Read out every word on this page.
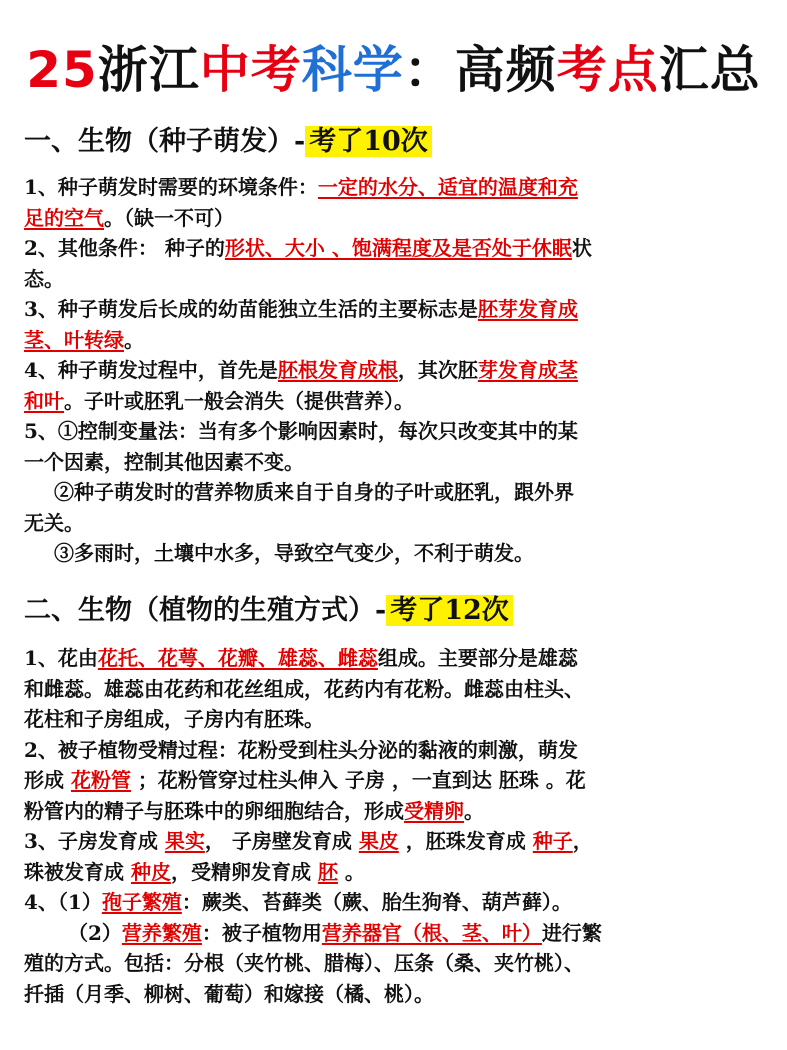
25浙江中考科学：高频考点汇总
一、生物（种子萌发）- 考了10次
1、种子萌发时需要的环境条件：一定的水分、适宜的温度和充
足的空气。（缺一不可）
2、其他条件： 种子的形状、大小 、饱满程度及是否处于休眠状
态。
3、种子萌发后长成的幼苗能独立生活的主要标志是胚芽发育成
茎、叶转绿。
4、种子萌发过程中，首先是胚根发育成根，其次胚芽发育成茎
和叶。子叶或胚乳一般会消失（提供营养）。
5、①控制变量法：当有多个影响因素时，每次只改变其中的某
一个因素，控制其他因素不变。
②种子萌发时的营养物质来自于自身的子叶或胚乳，跟外界
无关。
③多雨时，土壤中水多，导致空气变少，不利于萌发。
二、生物（植物的生殖方式）- 考了12次
1、花由花托、花萼、花瓣、雄蕊、雌蕊组成。主要部分是雄蕊
和雌蕊。雄蕊由花药和花丝组成，花药内有花粉。雌蕊由柱头、
花柱和子房组成，子房内有胚珠。
2、被子植物受精过程：花粉受到柱头分泌的黏液的刺激，萌发
形成 花粉管 ；花粉管穿过柱头伸入 子房 ，一直到达 胚珠 。花
粉管内的精子与胚珠中的卵细胞结合，形成受精卵。
3、子房发育成 果实， 子房壁发育成 果皮 ，胚珠发育成 种子，
珠被发育成 种皮，受精卵发育成 胚 。
4、（1）孢子繁殖：蕨类、苔藓类（蕨、胎生狗脊、葫芦藓）。
（2）营养繁殖：被子植物用营养器官（根、茎、叶）进行繁
殖的方式。包括：分根（夹竹桃、腊梅）、压条（桑、夹竹桃）、
扦插（月季、柳树、葡萄）和嫁接（橘、桃）。
